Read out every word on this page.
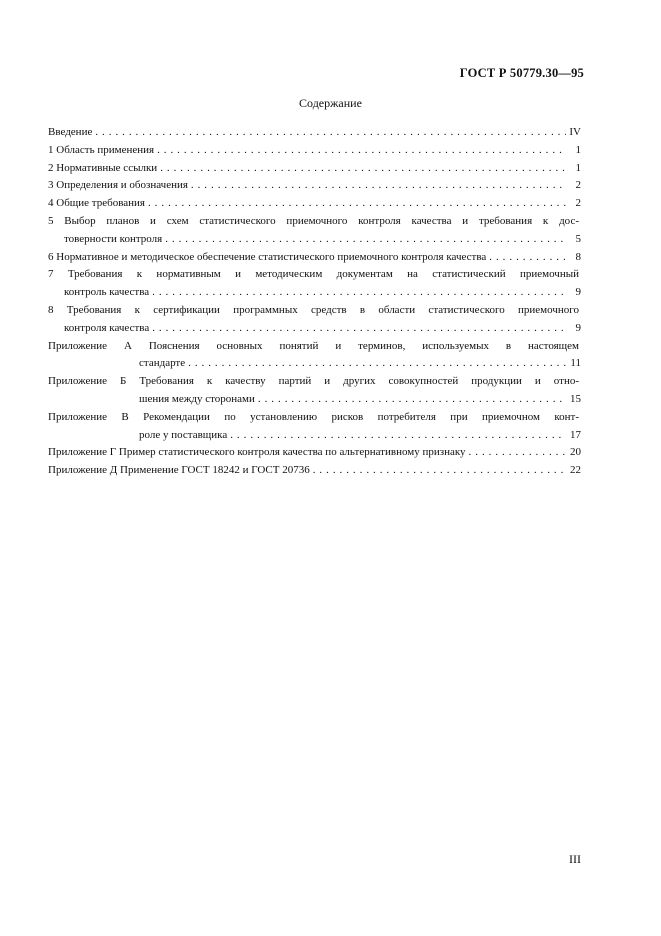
ГОСТ Р 50779.30—95
Содержание
Введение . . .	IV
1 Область применения . . .	1
2 Нормативные ссылки . . .	1
3 Определения и обозначения . . .	2
4 Общие требования . . .	2
5 Выбор планов и схем статистического приемочного контроля качества и требования к дос-
товерности контроля . . .	5
6 Нормативное и методическое обеспечение статистического приемочного контроля качества . . .	8
7 Требования к нормативным и методическим документам на статистический приемочный
контроль качества . . .	9
8 Требования к сертификации программных средств в области статистического приемочного
контроля качества . . .	9
Приложение А Пояснения основных понятий и терминов, используемых в настоящем
стандарте . . .	11
Приложение Б Требования к качеству партий и других совокупностей продукции и отно-
шения между сторонами . . .	15
Приложение В Рекомендации по установлению рисков потребителя при приемочном конт-
роле у поставщика . . .	17
Приложение Г Пример статистического контроля качества по альтернативному признаку . . .	20
Приложение Д Применение ГОСТ 18242 и ГОСТ 20736 . . .	22
III
